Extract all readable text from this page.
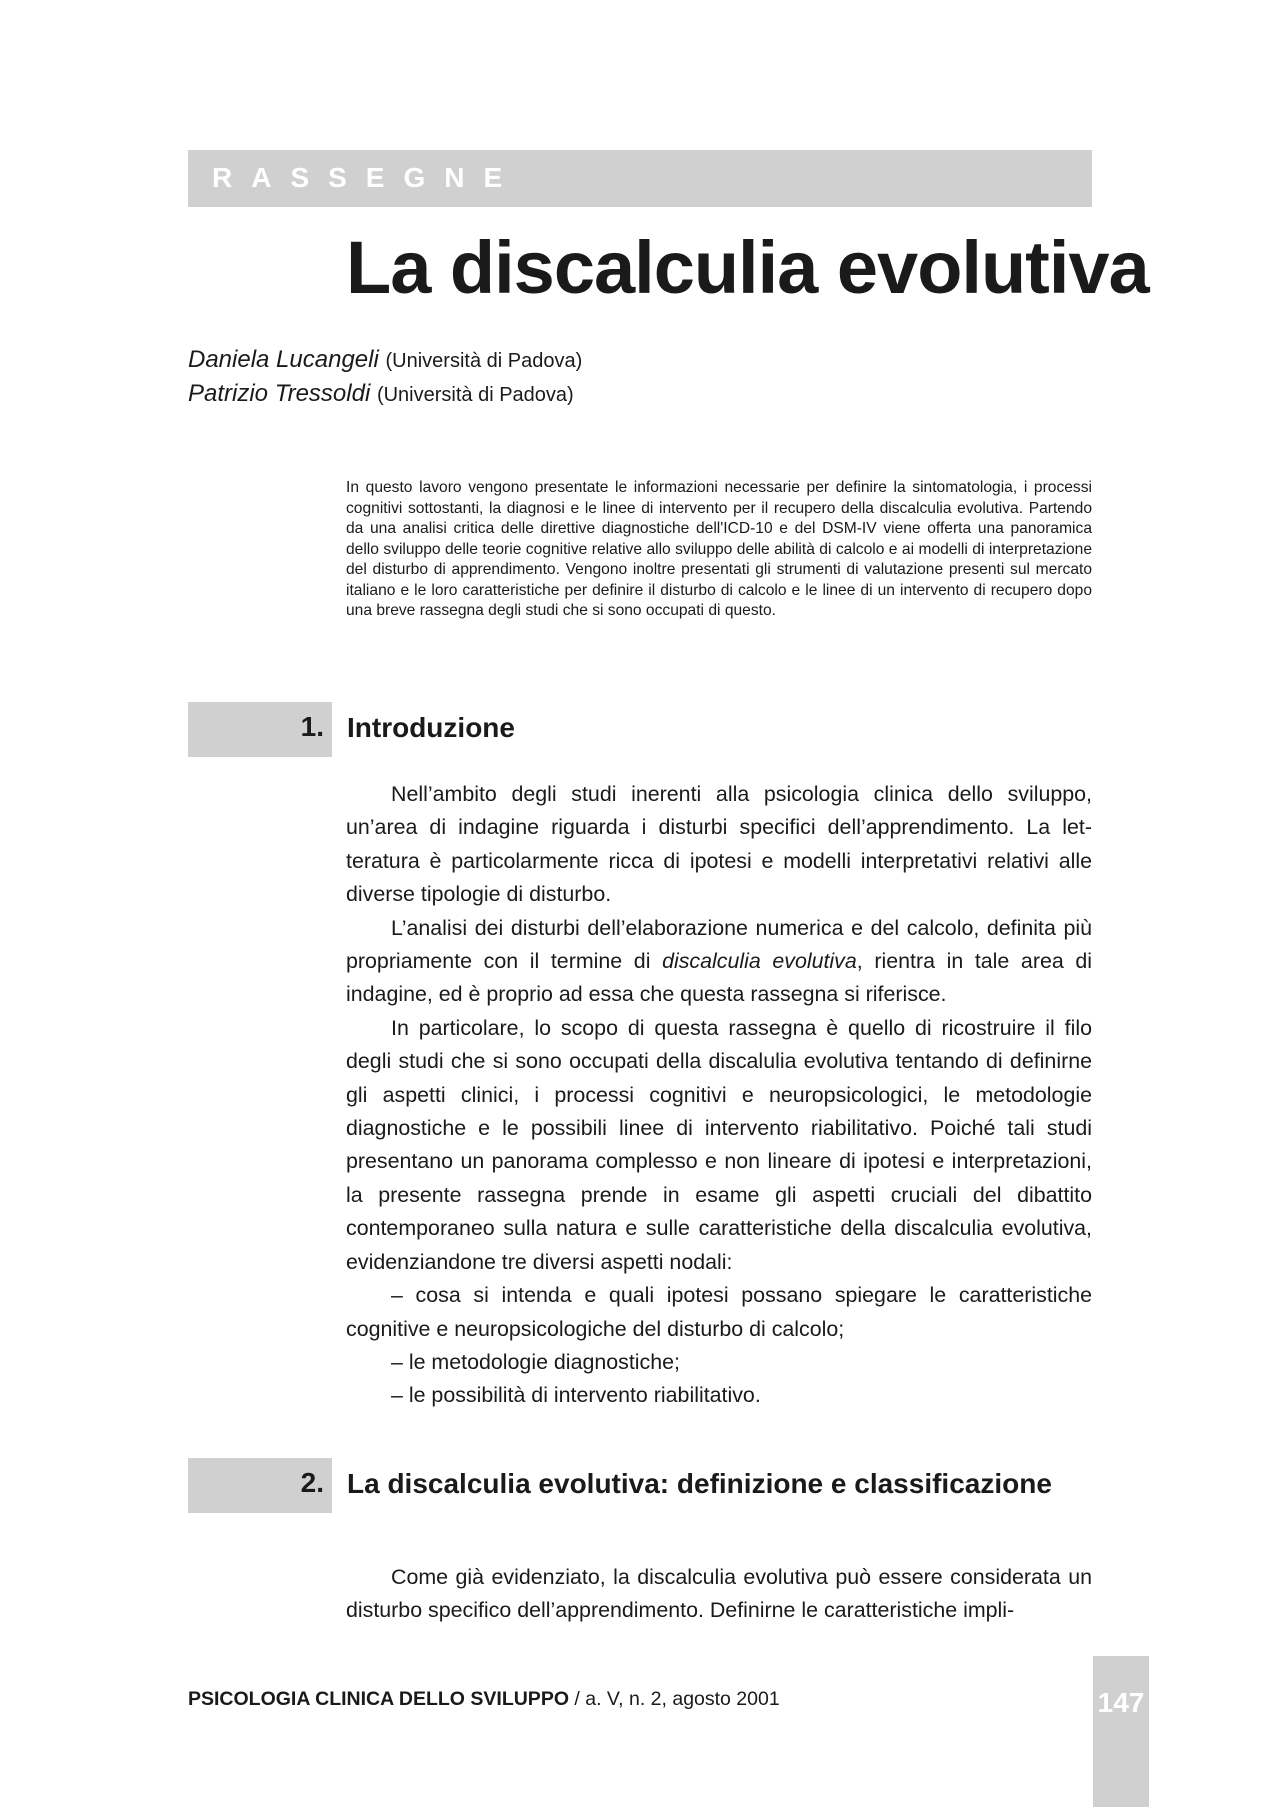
RASSEGNE
La discalculia evolutiva
Daniela Lucangeli (Università di Padova)
Patrizio Tressoldi (Università di Padova)

In questo lavoro vengono presentate le informazioni necessarie per definire la sintomatologia, i processi cognitivi sottostanti, la diagnosi e le linee di intervento per il recupero della discalculia evolutiva. Partendo da una analisi critica delle direttive diagnostiche dell'ICD-10 e del DSM-IV viene offerta una panoramica dello sviluppo delle teorie cognitive relative allo sviluppo delle abilità di calcolo e ai modelli di interpretazione del disturbo di apprendimento. Vengono inoltre presentati gli strumenti di valutazione presenti sul mercato italiano e le loro caratteristiche per definire il disturbo di calcolo e le linee di un intervento di recupero dopo una breve rassegna degli studi che si sono occupati di questo.

1. Introduzione

Nell’ambito degli studi inerenti alla psicologia clinica dello sviluppo, un’area di indagine riguarda i disturbi specifici dell’apprendimento. La letteratura è particolarmente ricca di ipotesi e modelli interpretativi relativi alle diverse tipologie di disturbo.

L’analisi dei disturbi dell’elaborazione numerica e del calcolo, definita più propriamente con il termine di discalculia evolutiva, rientra in tale area di indagine, ed è proprio ad essa che questa rassegna si riferisce.

In particolare, lo scopo di questa rassegna è quello di ricostruire il filo degli studi che si sono occupati della discalulia evolutiva tentando di definirne gli aspetti clinici, i processi cognitivi e neuropsicologici, le metodologie diagnostiche e le possibili linee di intervento riabilitativo. Poiché tali studi presentano un panorama complesso e non lineare di ipotesi e interpretazioni, la presente rassegna prende in esame gli aspetti cruciali del dibattito contemporaneo sulla natura e sulle caratteristiche della discalculia evolutiva, evidenziandone tre diversi aspetti nodali:

– cosa si intenda e quali ipotesi possano spiegare le caratteristiche cognitive e neuropsicologiche del disturbo di calcolo;

– le metodologie diagnostiche;

– le possibilità di intervento riabilitativo.

2. La discalculia evolutiva: definizione e classificazione

Come già evidenziato, la discalculia evolutiva può essere considerata un disturbo specifico dell’apprendimento. Definirne le caratteristiche impli-

PSICOLOGIA CLINICA DELLO SVILUPPO / a. V, n. 2, agosto 2001	147
